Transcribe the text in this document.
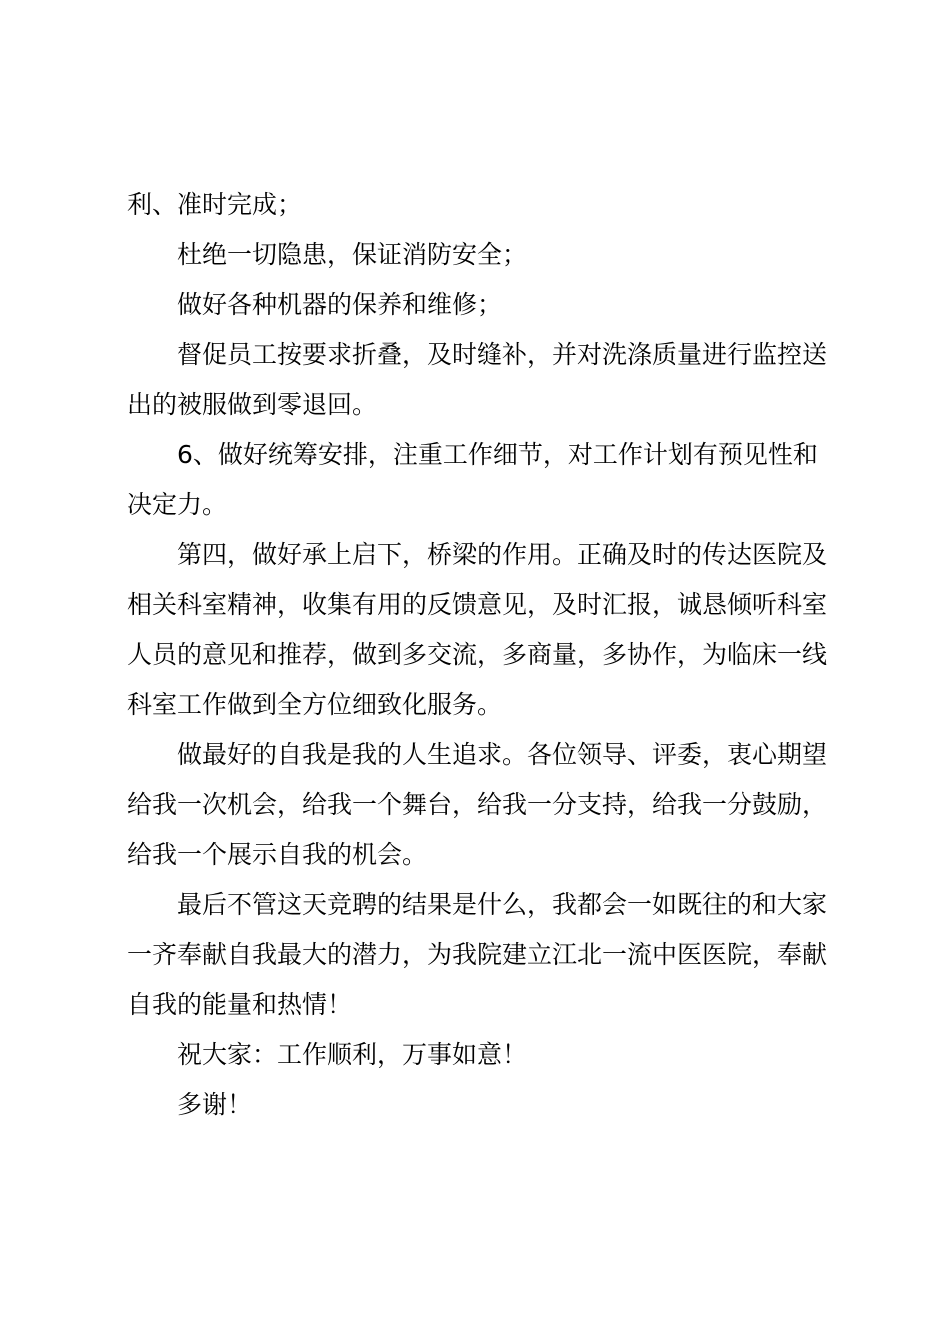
利、准时完成；

杜绝一切隐患，保证消防安全；

做好各种机器的保养和维修；

督促员工按要求折叠，及时缝补，并对洗涤质量进行监控送出的被服做到零退回。

6、做好统筹安排，注重工作细节，对工作计划有预见性和决定力。

第四，做好承上启下，桥梁的作用。正确及时的传达医院及相关科室精神，收集有用的反馈意见，及时汇报，诚恳倾听科室人员的意见和推荐，做到多交流，多商量，多协作，为临床一线科室工作做到全方位细致化服务。

做最好的自我是我的人生追求。各位领导、评委，衷心期望给我一次机会，给我一个舞台，给我一分支持，给我一分鼓励，给我一个展示自我的机会。

最后不管这天竞聘的结果是什么，我都会一如既往的和大家一齐奉献自我最大的潜力，为我院建立江北一流中医医院，奉献自我的能量和热情！

祝大家：工作顺利，万事如意！

多谢！
